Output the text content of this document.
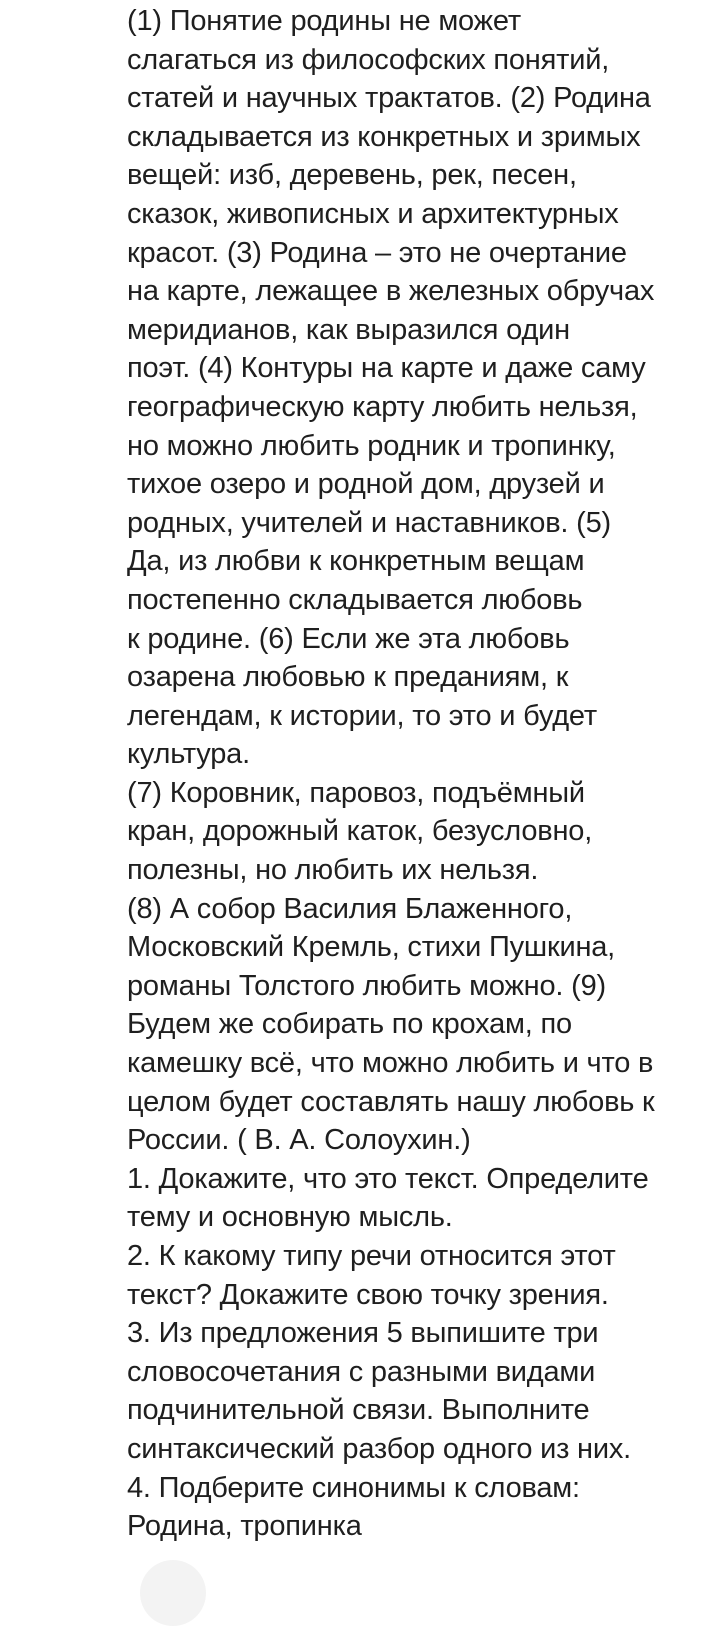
(1) Понятие родины не может
слагаться из философских понятий,
статей и научных трактатов. (2) Родина
складывается из конкретных и зримых
вещей: изб, деревень, рек, песен,
сказок, живописных и архитектурных
красот. (3) Родина – это не очертание
на карте, лежащее в железных обручах
меридианов, как выразился один
поэт. (4) Контуры на карте и даже саму
географическую карту любить нельзя,
но можно любить родник и тропинку,
тихое озеро и родной дом, друзей и
родных, учителей и наставников. (5)
Да, из любви к конкретным вещам
постепенно складывается любовь
к родине. (6) Если же эта любовь
озарена любовью к преданиям, к
легендам, к истории, то это и будет
культура.
(7) Коровник, паровоз, подъёмный
кран, дорожный каток, безусловно,
полезны, но любить их нельзя.
(8) А собор Василия Блаженного,
Московский Кремль, стихи Пушкина,
романы Толстого любить можно. (9)
Будем же собирать по крохам, по
камешку всё, что можно любить и что в
целом будет составлять нашу любовь к
России. ( В. А. Солоухин.)
1. Докажите, что это текст. Определите
тему и основную мысль.
2. К какому типу речи относится этот
текст? Докажите свою точку зрения.
3. Из предложения 5 выпишите три
словосочетания с разными видами
подчинительной связи. Выполните
синтаксический разбор одного из них.
4. Подберите синонимы к словам:
Родина, тропинка
